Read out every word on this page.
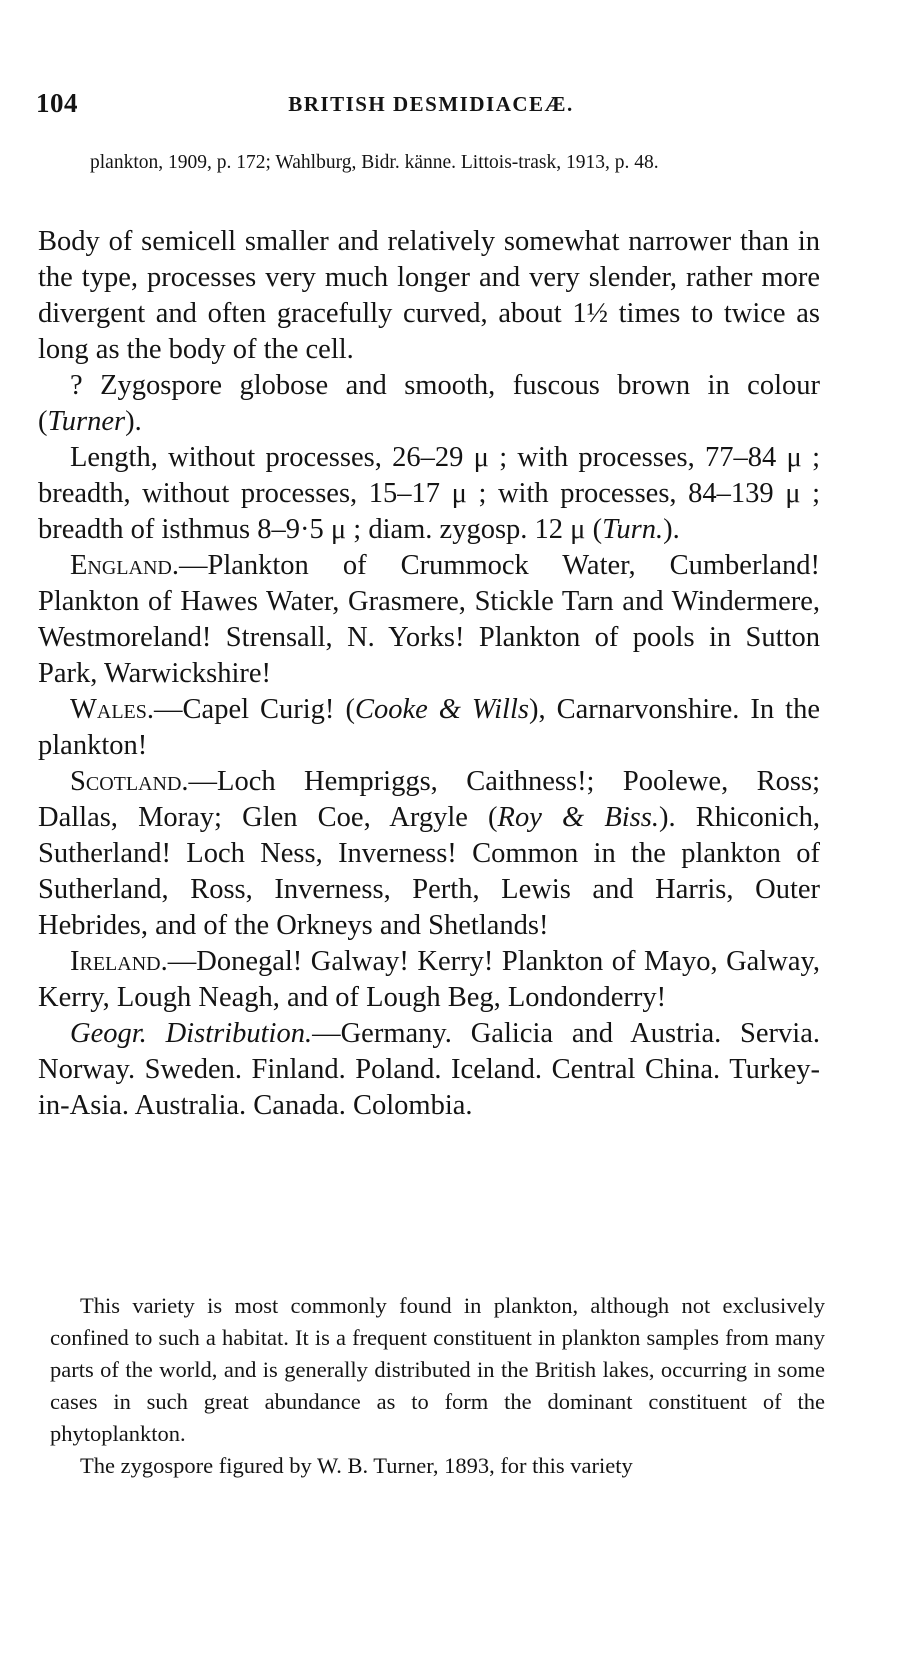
104	BRITISH DESMIDIACEÆ.
plankton, 1909, p. 172; Wahlburg, Bidr. känne. Littois-trask, 1913, p. 48.

Body of semicell smaller and relatively somewhat narrower than in the type, processes very much longer and very slender, rather more divergent and often gracefully curved, about 1½ times to twice as long as the body of the cell.

? Zygospore globose and smooth, fuscous brown in colour (Turner).

Length, without processes, 26–29 μ ; with processes, 77–84 μ ; breadth, without processes, 15–17 μ ; with processes, 84–139 μ ; breadth of isthmus 8–9·5 μ ; diam. zygosp. 12 μ (Turn.).

England.—Plankton of Crummock Water, Cumberland! Plankton of Hawes Water, Grasmere, Stickle Tarn and Windermere, Westmoreland! Strensall, N. Yorks! Plankton of pools in Sutton Park, Warwickshire!

Wales.—Capel Curig! (Cooke & Wills), Carnarvonshire. In the plankton!

Scotland.—Loch Hempriggs, Caithness!; Poolewe, Ross; Dallas, Moray; Glen Coe, Argyle (Roy & Biss.). Rhiconich, Sutherland! Loch Ness, Inverness! Common in the plankton of Sutherland, Ross, Inverness, Perth, Lewis and Harris, Outer Hebrides, and of the Orkneys and Shetlands!

Ireland.—Donegal! Galway! Kerry! Plankton of Mayo, Galway, Kerry, Lough Neagh, and of Lough Beg, Londonderry!

Geogr. Distribution.—Germany. Galicia and Austria. Servia. Norway. Sweden. Finland. Poland. Iceland. Central China. Turkey-in-Asia. Australia. Canada. Colombia.

This variety is most commonly found in plankton, although not exclusively confined to such a habitat. It is a frequent constituent in plankton samples from many parts of the world, and is generally distributed in the British lakes, occurring in some cases in such great abundance as to form the dominant constituent of the phytoplankton.

The zygospore figured by W. B. Turner, 1893, for this variety
